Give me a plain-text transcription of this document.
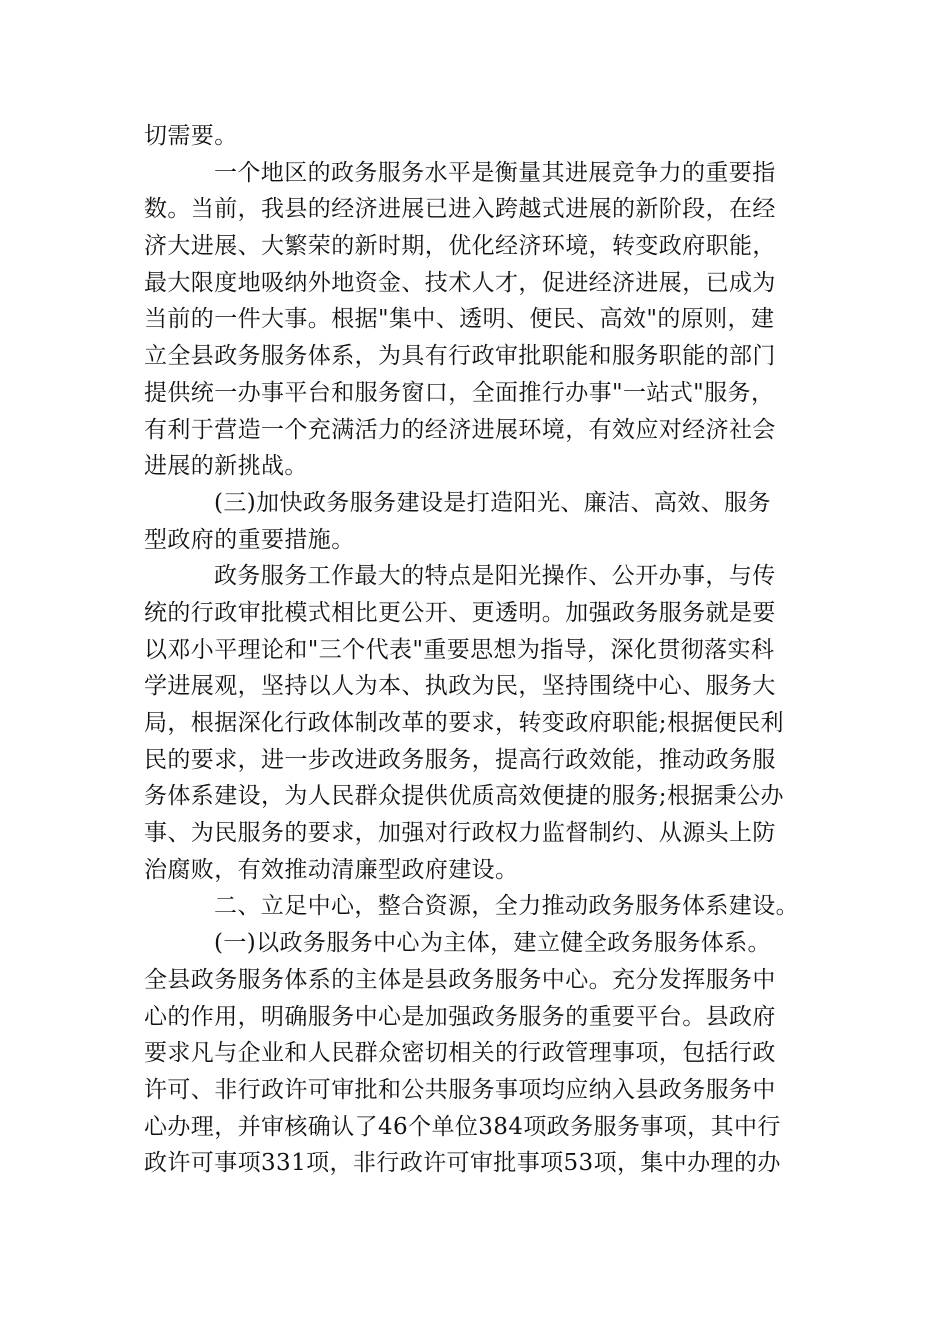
切需要。
一个地区的政务服务水平是衡量其进展竞争力的重要指
数。当前，我县的经济进展已进入跨越式进展的新阶段，在经
济大进展、大繁荣的新时期，优化经济环境，转变政府职能，
最大限度地吸纳外地资金、技术人才，促进经济进展，已成为
当前的一件大事。根据"集中、透明、便民、高效"的原则，建
立全县政务服务体系，为具有行政审批职能和服务职能的部门
提供统一办事平台和服务窗口，全面推行办事"一站式"服务，
有利于营造一个充满活力的经济进展环境，有效应对经济社会
进展的新挑战。
(三)加快政务服务建设是打造阳光、廉洁、高效、服务
型政府的重要措施。
政务服务工作最大的特点是阳光操作、公开办事，与传
统的行政审批模式相比更公开、更透明。加强政务服务就是要
以邓小平理论和"三个代表"重要思想为指导，深化贯彻落实科
学进展观，坚持以人为本、执政为民，坚持围绕中心、服务大
局，根据深化行政体制改革的要求，转变政府职能;根据便民利
民的要求，进一步改进政务服务，提高行政效能，推动政务服
务体系建设，为人民群众提供优质高效便捷的服务;根据秉公办
事、为民服务的要求，加强对行政权力监督制约、从源头上防
治腐败，有效推动清廉型政府建设。
二、立足中心，整合资源，全力推动政务服务体系建设。
(一)以政务服务中心为主体，建立健全政务服务体系。
全县政务服务体系的主体是县政务服务中心。充分发挥服务中
心的作用，明确服务中心是加强政务服务的重要平台。县政府
要求凡与企业和人民群众密切相关的行政管理事项，包括行政
许可、非行政许可审批和公共服务事项均应纳入县政务服务中
心办理，并审核确认了46个单位384项政务服务事项，其中行
政许可事项331项，非行政许可审批事项53项，集中办理的办
